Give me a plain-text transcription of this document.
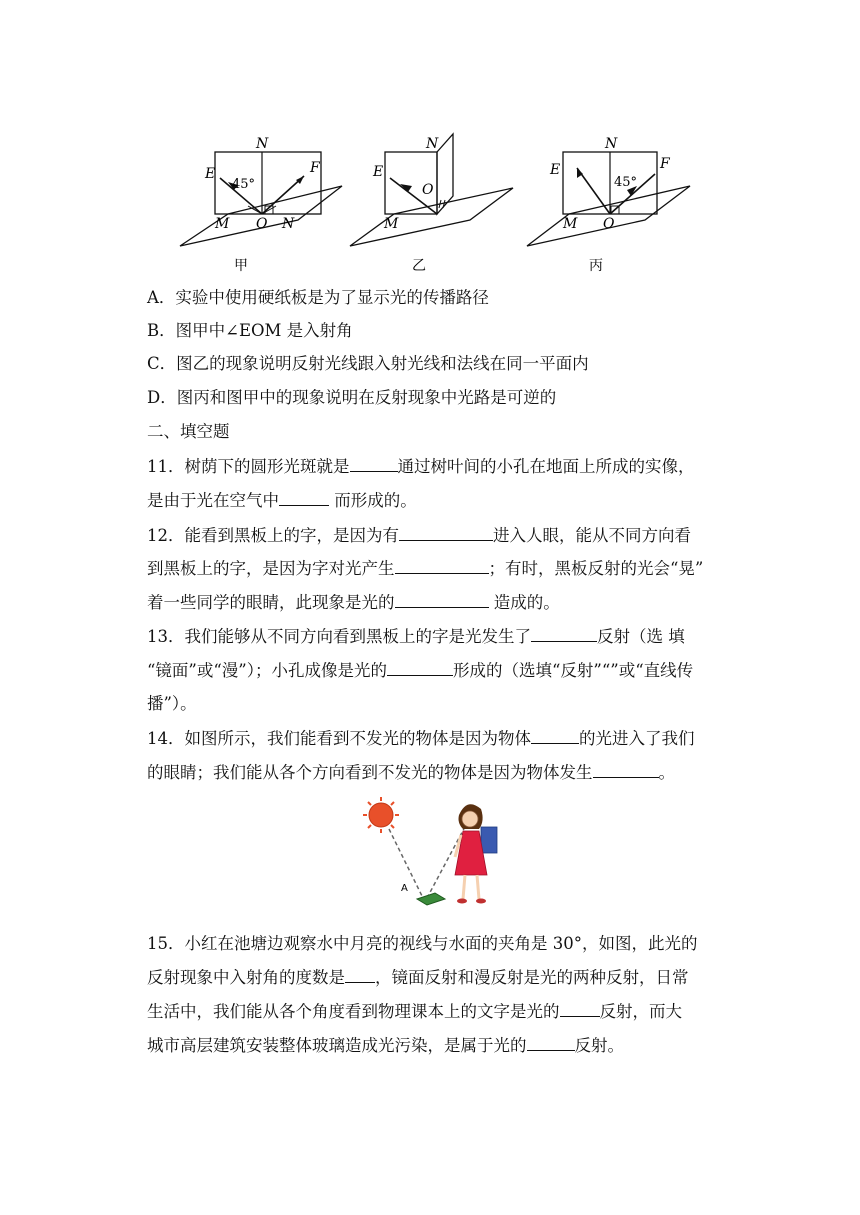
E
N
F
45°
M O N
甲
E
N
O
M
乙
E
N
F
45°
M O
丙
A．实验中使用硬纸板是为了显示光的传播路径
B．图甲中∠EOM 是入射角
C．图乙的现象说明反射光线跟入射光线和法线在同一平面内
D．图丙和图甲中的现象说明在反射现象中光路是可逆的
二、填空题
11．树荫下的圆形光斑就是	通过树叶间的小孔在地面上所成的实像，
是由于光在空气中	而形成的。
12．能看到黑板上的字，是因为有	进入人眼，能从不同方向看
到黑板上的字，是因为字对光产生	；有时，黑板反射的光会“晃”
着一些同学的眼睛，此现象是光的	造成的。
13．我们能够从不同方向看到黑板上的字是光发生了	反射（选 填
“镜面”或“漫”）；小孔成像是光的	形成的（选填“反射”“”或“直线传
播”）。
14．如图所示，我们能看到不发光的物体是因为物体	的光进入了我们
的眼睛；我们能从各个方向看到不发光的物体是因为物体发生	。
A
15．小红在池塘边观察水中月亮的视线与水面的夹角是 30°，如图，此光的
反射现象中入射角的度数是 ，镜面反射和漫反射是光的两种反射，日常
生活中，我们能从各个角度看到物理课本上的文字是光的 反射，而大
城市高层建筑安装整体玻璃造成光污染，是属于光的	反射。
